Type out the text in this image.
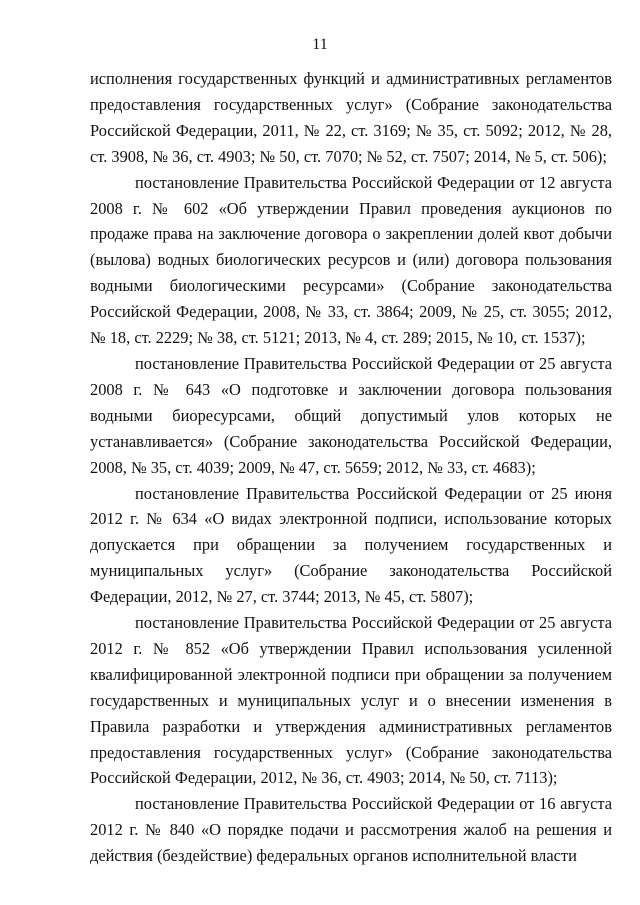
11

исполнения государственных функций и административных регламентов предоставления государственных услуг» (Собрание законодательства Российской Федерации, 2011, № 22, ст. 3169; № 35, ст. 5092; 2012, № 28, ст. 3908, № 36, ст. 4903; № 50, ст. 7070; № 52, ст. 7507; 2014, № 5, ст. 506);

постановление Правительства Российской Федерации от 12 августа 2008 г. № 602 «Об утверждении Правил проведения аукционов по продаже права на заключение договора о закреплении долей квот добычи (вылова) водных биологических ресурсов и (или) договора пользования водными биологическими ресурсами» (Собрание законодательства Российской Федерации, 2008, № 33, ст. 3864; 2009, № 25, ст. 3055; 2012, № 18, ст. 2229; № 38, ст. 5121; 2013, № 4, ст. 289; 2015, № 10, ст. 1537);

постановление Правительства Российской Федерации от 25 августа 2008 г. № 643 «О подготовке и заключении договора пользования водными биоресурсами, общий допустимый улов которых не устанавливается» (Собрание законодательства Российской Федерации, 2008, № 35, ст. 4039; 2009, № 47, ст. 5659; 2012, № 33, ст. 4683);

постановление Правительства Российской Федерации от 25 июня 2012 г. № 634 «О видах электронной подписи, использование которых допускается при обращении за получением государственных и муниципальных услуг» (Собрание законодательства Российской Федерации, 2012, № 27, ст. 3744; 2013, № 45, ст. 5807);

постановление Правительства Российской Федерации от 25 августа 2012 г. № 852 «Об утверждении Правил использования усиленной квалифицированной электронной подписи при обращении за получением государственных и муниципальных услуг и о внесении изменения в Правила разработки и утверждения административных регламентов предоставления государственных услуг» (Собрание законодательства Российской Федерации, 2012, № 36, ст. 4903; 2014, № 50, ст. 7113);

постановление Правительства Российской Федерации от 16 августа 2012 г. № 840 «О порядке подачи и рассмотрения жалоб на решения и действия (бездействие) федеральных органов исполнительной власти
